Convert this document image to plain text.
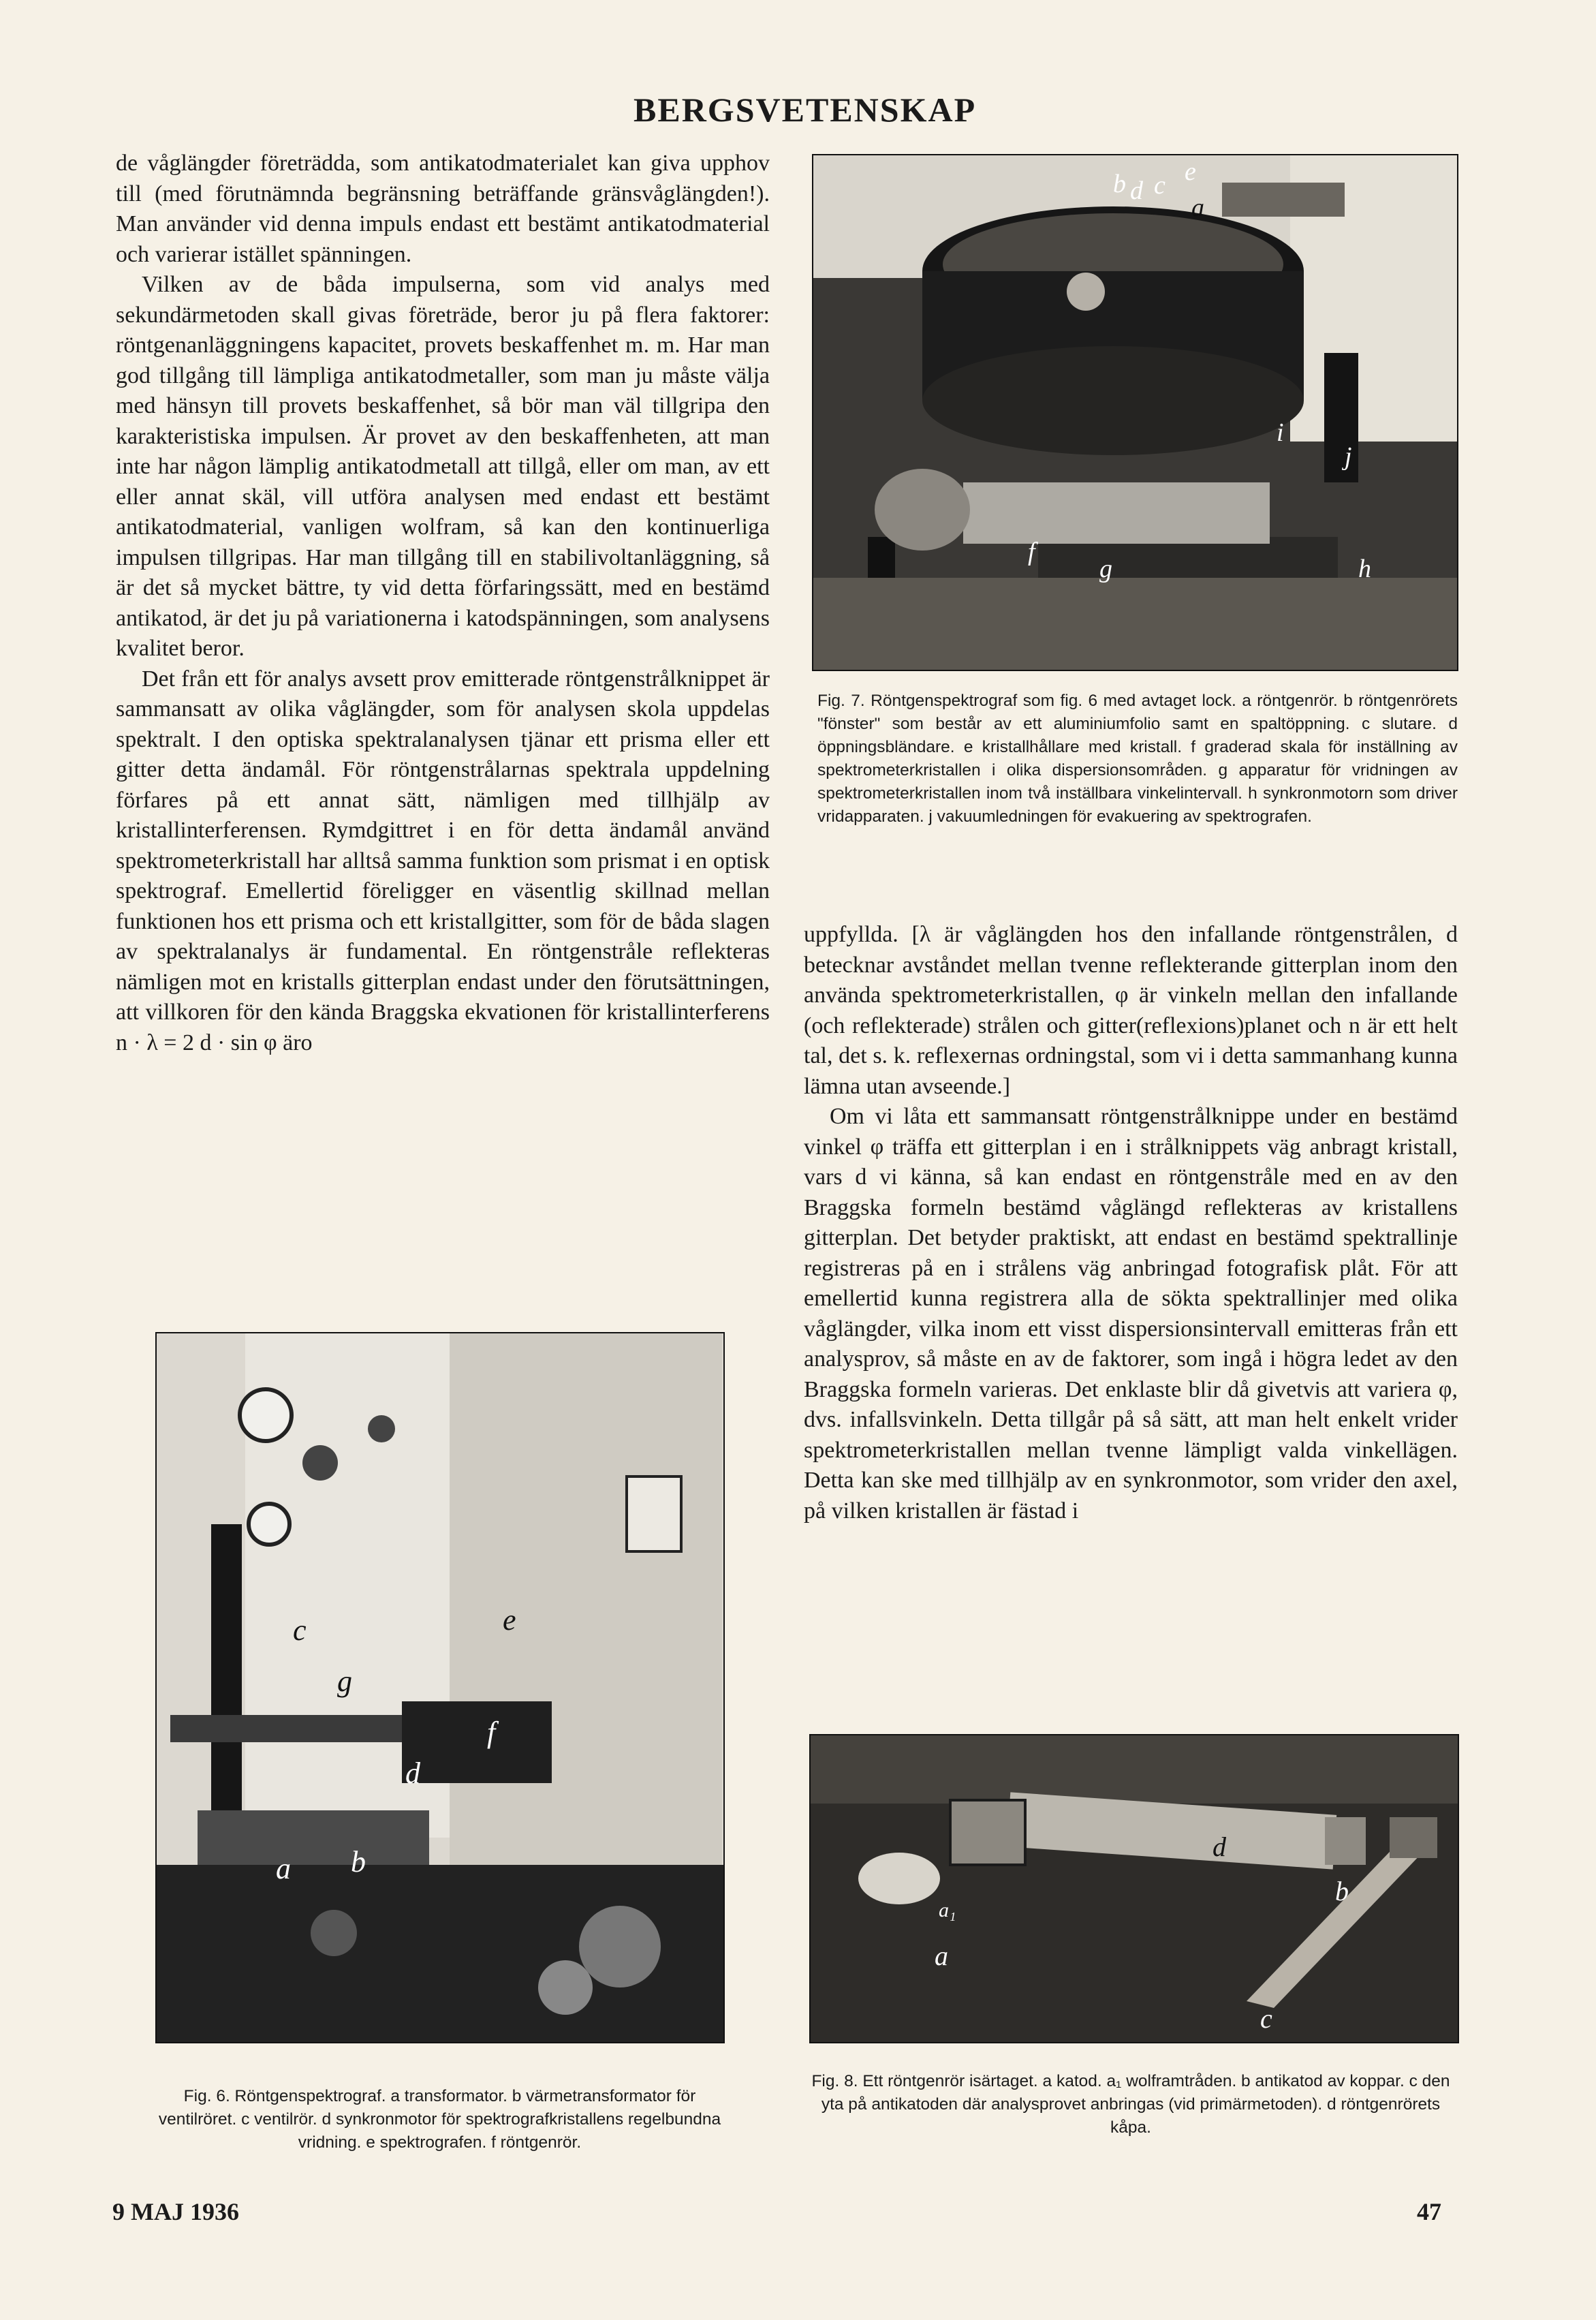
BERGSVETENSKAP

de våglängder företrädda, som antikatodmaterialet kan giva upphov till (med förutnämnda begränsning beträffande gränsvåglängden!). Man använder vid denna impuls endast ett bestämt antikatodmaterial och varierar istället spänningen.

Vilken av de båda impulserna, som vid analys med sekundärmetoden skall givas företräde, beror ju på flera faktorer: röntgenanläggningens kapacitet, provets beskaffenhet m. m. Har man god tillgång till lämpliga antikatodmetaller, som man ju måste välja med hänsyn till provets beskaffenhet, så bör man väl tillgripa den karakteristiska impulsen. Är provet av den beskaffenheten, att man inte har någon lämplig antikatodmetall att tillgå, eller om man, av ett eller annat skäl, vill utföra analysen med endast ett bestämt antikatodmaterial, vanligen wolfram, så kan den kontinuerliga impulsen tillgripas. Har man tillgång till en stabilivoltanläggning, så är det så mycket bättre, ty vid detta förfaringssätt, med en bestämd antikatod, är det ju på variationerna i katodspänningen, som analysens kvalitet beror.

Det från ett för analys avsett prov emitterade röntgenstrålknippet är sammansatt av olika våglängder, som för analysen skola uppdelas spektralt. I den optiska spektralanalysen tjänar ett prisma eller ett gitter detta ändamål. För röntgenstrålarnas spektrala uppdelning förfares på ett annat sätt, nämligen med tillhjälp av kristallinterferensen. Rymdgittret i en för detta ändamål använd spektrometerkristall har alltså samma funktion som prismat i en optisk spektrograf. Emellertid föreligger en väsentlig skillnad mellan funktionen hos ett prisma och ett kristallgitter, som för de båda slagen av spektralanalys är fundamental. En röntgenstråle reflekteras nämligen mot en kristalls gitterplan endast under den förutsättningen, att villkoren för den kända Braggska ekvationen för kristallinterferens n · λ = 2 d · sin φ äro

b d c e
a
i
j
f
g	h
Fig. 7. Röntgenspektrograf som fig. 6 med avtaget lock. a röntgenrör. b röntgenrörets "fönster" som består av ett aluminiumfolio samt en spaltöppning. c slutare. d öppningsbländare. e kristallhållare med kristall. f graderad skala för inställning av spektrometerkristallen i olika dispersionsområden. g apparatur för vridningen av spektrometerkristallen inom två inställbara vinkelintervall. h synkronmotorn som driver vridapparaten. j vakuumledningen för evakuering av spektrografen.

uppfyllda. [λ är våglängden hos den infallande röntgenstrålen, d betecknar avståndet mellan tvenne reflekterande gitterplan inom den använda spektrometerkristallen, φ är vinkeln mellan den infallande (och reflekterade) strålen och gitter(reflexions)planet och n är ett helt tal, det s. k. reflexernas ordningstal, som vi i detta sammanhang kunna lämna utan avseende.]

Om vi låta ett sammansatt röntgenstrålknippe under en bestämd vinkel φ träffa ett gitterplan i en i strålknippets väg anbragt kristall, vars d vi känna, så kan endast en röntgenstråle med en av den Braggska formeln bestämd våglängd reflekteras av kristallens gitterplan. Det betyder praktiskt, att endast en bestämd spektrallinje registreras på en i strålens väg anbringad fotografisk plåt. För att emellertid kunna registrera alla de sökta spektrallinjer med olika våglängder, vilka inom ett visst dispersionsintervall emitteras från ett analysprov, så måste en av de faktorer, som ingå i högra ledet av den Braggska formeln varieras. Det enklaste blir då givetvis att variera φ, dvs. infallsvinkeln. Detta tillgår på så sätt, att man helt enkelt vrider spektrometerkristallen mellan tvenne lämpligt valda vinkellägen. Detta kan ske med tillhjälp av en synkronmotor, som vrider den axel, på vilken kristallen är fästad i

c
g
e
f
d
a b
Fig. 6. Röntgenspektrograf. a transformator. b värmetransformator för ventilröret. c ventilrör. d synkronmotor för spektrografkristallens regelbundna vridning. e spektrografen. f röntgenrör.
d
a₁
a
b
c
Fig. 8. Ett röntgenrör isärtaget. a katod. a₁ wolframtråden. b antikatod av koppar. c den yta på antikatoden där analysprovet anbringas (vid primärmetoden). d röntgenrörets kåpa.
9 MAJ 1936	47
